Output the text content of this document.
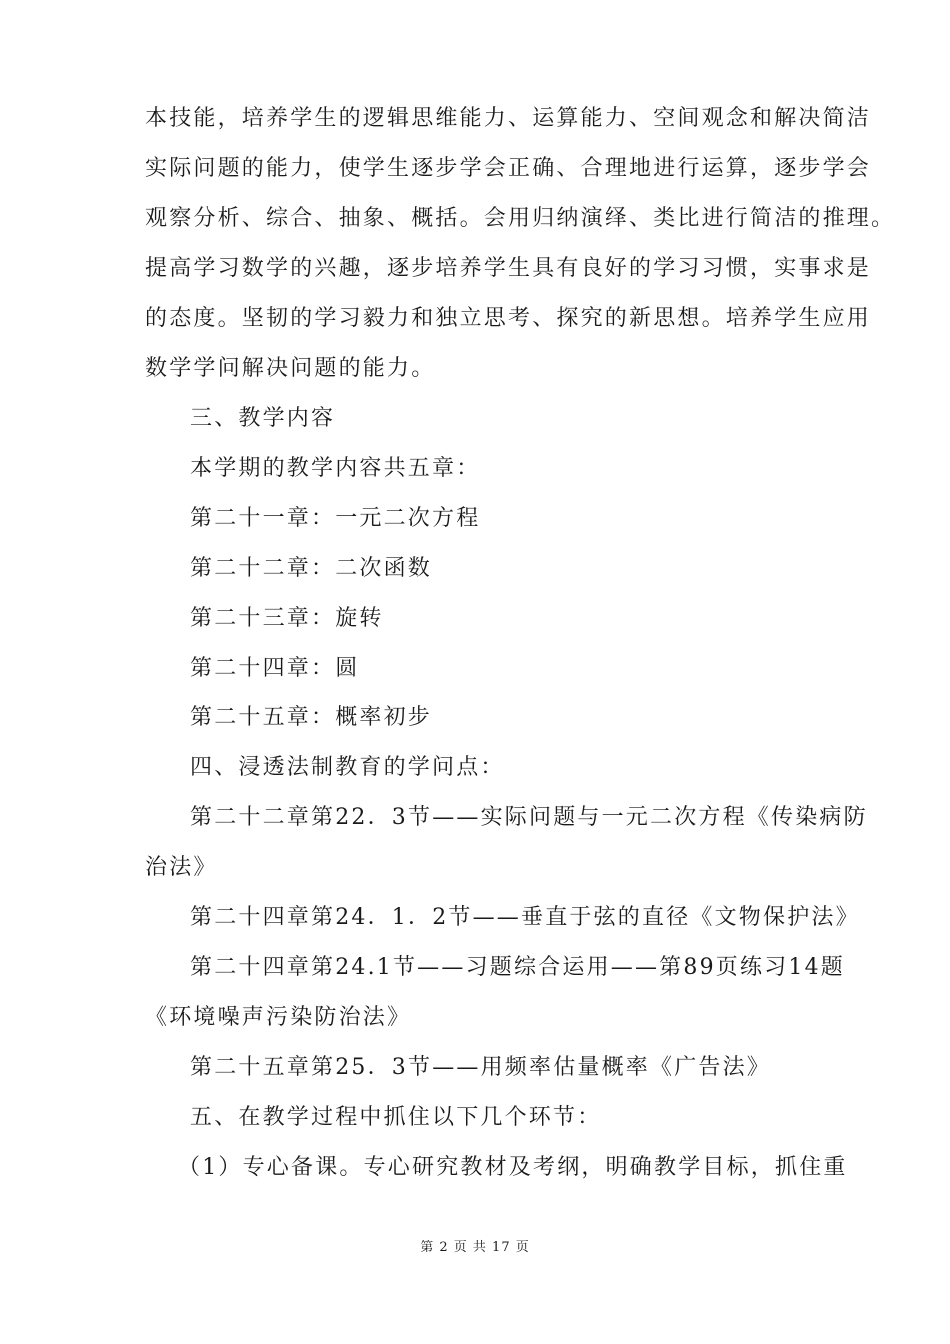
本技能，培养学生的逻辑思维能力、运算能力、空间观念和解决简洁
实际问题的能力，使学生逐步学会正确、合理地进行运算，逐步学会
观察分析、综合、抽象、概括。会用归纳演绎、类比进行简洁的推理。
提高学习数学的兴趣，逐步培养学生具有良好的学习习惯，实事求是
的态度。坚韧的学习毅力和独立思考、探究的新思想。培养学生应用
数学学问解决问题的能力。
三、教学内容
本学期的教学内容共五章：
第二十一章：一元二次方程
第二十二章：二次函数
第二十三章：旋转
第二十四章：圆
第二十五章：概率初步
四、浸透法制教育的学问点：
第二十二章第22．3节——实际问题与一元二次方程《传染病防
治法》
第二十四章第24．1．2节——垂直于弦的直径《文物保护法》
第二十四章第24.1节——习题综合运用——第89页练习14题
《环境噪声污染防治法》
第二十五章第25．3节——用频率估量概率《广告法》
五、在教学过程中抓住以下几个环节：
（1）专心备课。专心研究教材及考纲，明确教学目标，抓住重
第 2 页 共 17 页
